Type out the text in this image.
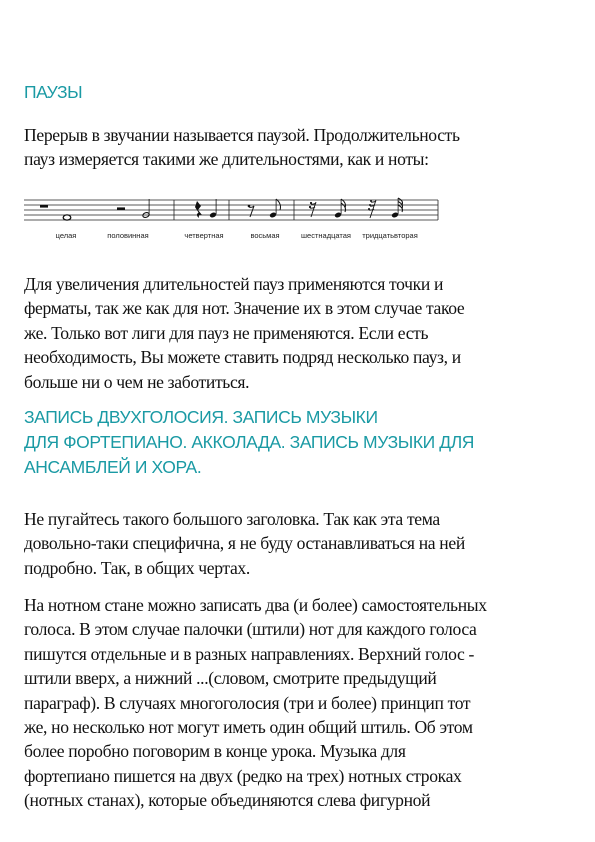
ПАУЗЫ

Перерыв в звучании называется паузой. Продолжительность
пауз измеряется такими же длительностями, как и ноты:

целая	половинная	четвертная	восьмая	шестнадцатая тридцатьвторая

Для увеличения длительностей пауз применяются точки и
ферматы, так же как для нот. Значение их в этом случае такое
же. Только вот лиги для пауз не применяются. Если есть
необходимость, Вы можете ставить подряд несколько пауз, и
больше ни о чем не заботиться.

ЗАПИСЬ ДВУХГОЛОСИЯ. ЗАПИСЬ МУЗЫКИ
ДЛЯ ФОРТЕПИАНО. АККОЛАДА. ЗАПИСЬ МУЗЫКИ ДЛЯ
АНСАМБЛЕЙ И ХОРА.

Не пугайтесь такого большого заголовка. Так как эта тема
довольно-таки специфична, я не буду останавливаться на ней
подробно. Так, в общих чертах.

На нотном стане можно записать два (и более) самостоятельных
голоса. В этом случае палочки (штили) нот для каждого голоса
пишутся отдельные и в разных направлениях. Верхний голос -
штили вверх, а нижний ...(словом, смотрите предыдущий
параграф). В случаях многоголосия (три и более) принцип тот
же, но несколько нот могут иметь один общий штиль. Об этом
более поробно поговорим в конце урока. Музыка для
фортепиано пишется на двух (редко на трех) нотных строках
(нотных станах), которые объединяются слева фигурной
